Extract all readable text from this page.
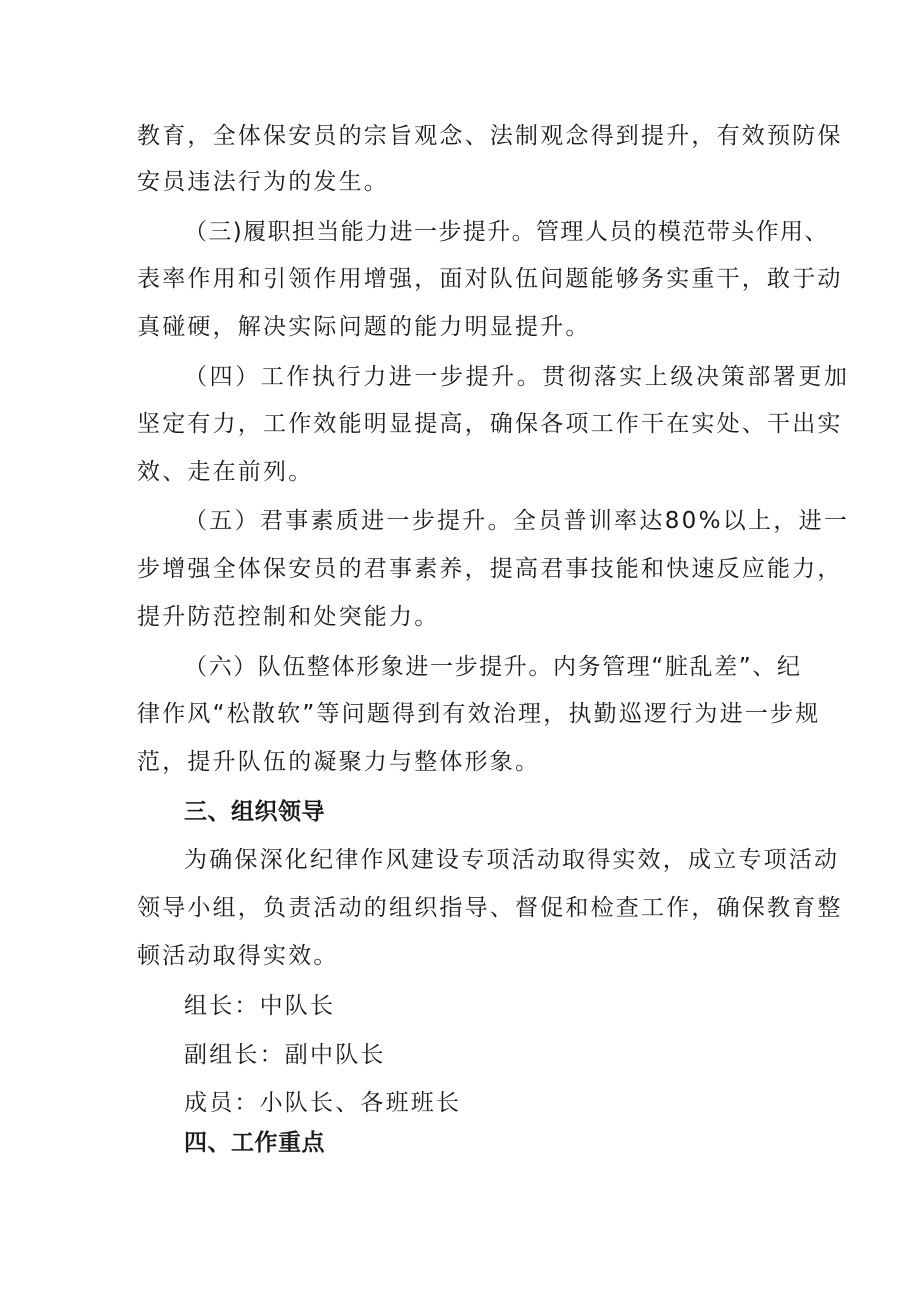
教育，全体保安员的宗旨观念、法制观念得到提升，有效预防保
安员违法行为的发生。
（三)履职担当能力进一步提升。管理人员的模范带头作用、
表率作用和引领作用增强，面对队伍问题能够务实重干，敢于动
真碰硬，解决实际问题的能力明显提升。
（四）工作执行力进一步提升。贯彻落实上级决策部署更加
坚定有力，工作效能明显提高，确保各项工作干在实处、干出实
效、走在前列。
（五）君事素质进一步提升。全员普训率达80%以上，进一
步增强全体保安员的君事素养，提高君事技能和快速反应能力，
提升防范控制和处突能力。
（六）队伍整体形象进一步提升。内务管理“脏乱差”、纪
律作风“松散软”等问题得到有效治理，执勤巡逻行为进一步规
范，提升队伍的凝聚力与整体形象。
三、组织领导
为确保深化纪律作风建设专项活动取得实效，成立专项活动
领导小组，负责活动的组织指导、督促和检查工作，确保教育整
顿活动取得实效。
组长：中队长
副组长：副中队长
成员：小队长、各班班长
四、工作重点
